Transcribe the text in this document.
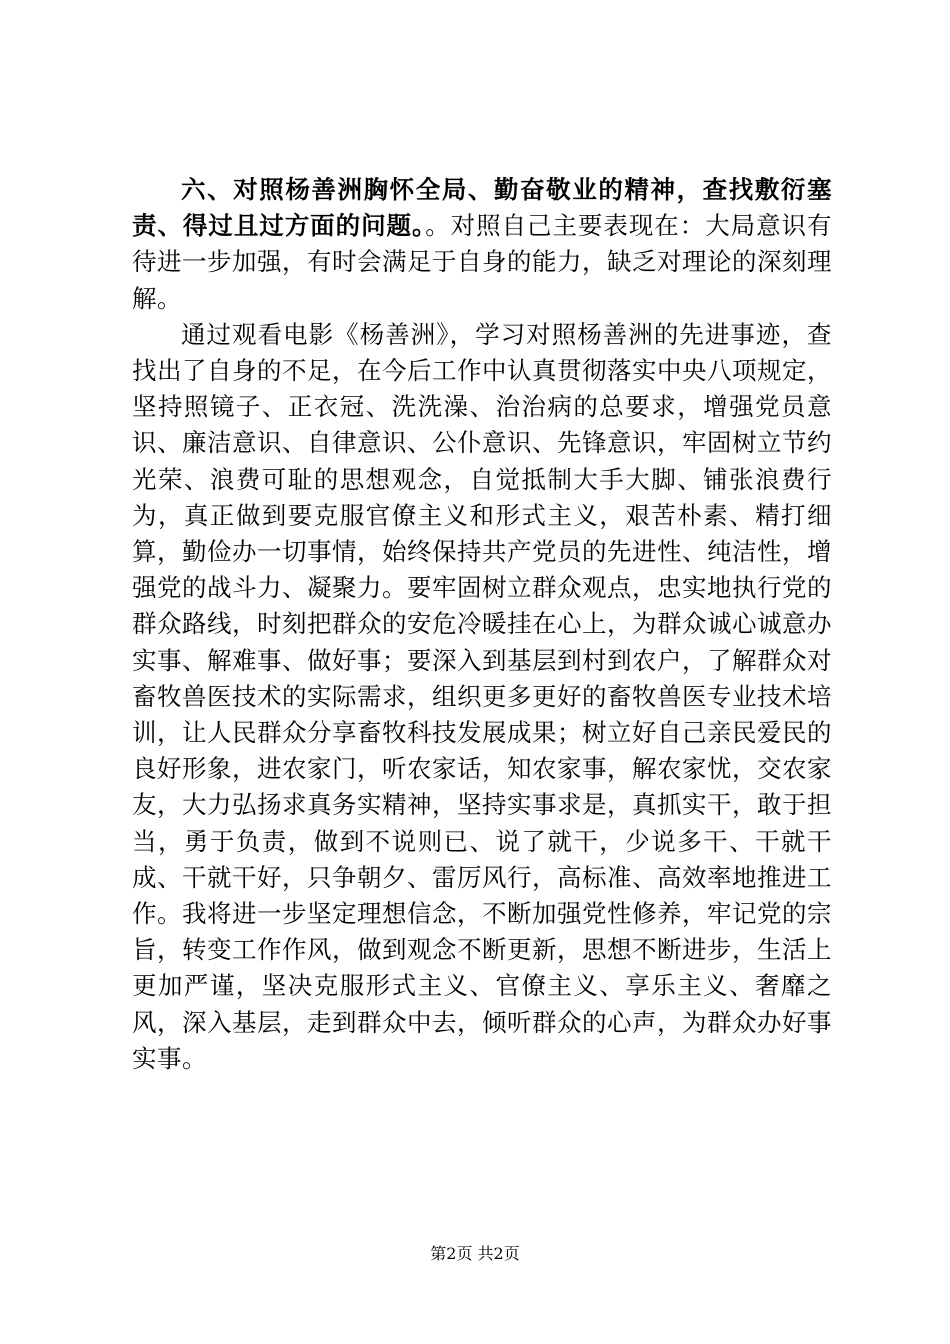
六、对照杨善洲胸怀全局、勤奋敬业的精神，查找敷衍塞责、得过且过方面的问题。。对照自己主要表现在：大局意识有待进一步加强，有时会满足于自身的能力，缺乏对理论的深刻理解。

通过观看电影《杨善洲》，学习对照杨善洲的先进事迹，查找出了自身的不足，在今后工作中认真贯彻落实中央八项规定，坚持照镜子、正衣冠、洗洗澡、治治病的总要求，增强党员意识、廉洁意识、自律意识、公仆意识、先锋意识，牢固树立节约光荣、浪费可耻的思想观念，自觉抵制大手大脚、铺张浪费行为，真正做到要克服官僚主义和形式主义，艰苦朴素、精打细算，勤俭办一切事情，始终保持共产党员的先进性、纯洁性，增强党的战斗力、凝聚力。要牢固树立群众观点，忠实地执行党的群众路线，时刻把群众的安危冷暖挂在心上，为群众诚心诚意办实事、解难事、做好事；要深入到基层到村到农户，了解群众对畜牧兽医技术的实际需求，组织更多更好的畜牧兽医专业技术培训，让人民群众分享畜牧科技发展成果；树立好自己亲民爱民的良好形象，进农家门，听农家话，知农家事，解农家忧，交农家友，大力弘扬求真务实精神，坚持实事求是，真抓实干，敢于担当，勇于负责，做到不说则已、说了就干，少说多干、干就干成、干就干好，只争朝夕、雷厉风行，高标准、高效率地推进工作。我将进一步坚定理想信念，不断加强党性修养，牢记党的宗旨，转变工作作风，做到观念不断更新，思想不断进步，生活上更加严谨，坚决克服形式主义、官僚主义、享乐主义、奢靡之风，深入基层，走到群众中去，倾听群众的心声，为群众办好事实事。

第2页 共2页
